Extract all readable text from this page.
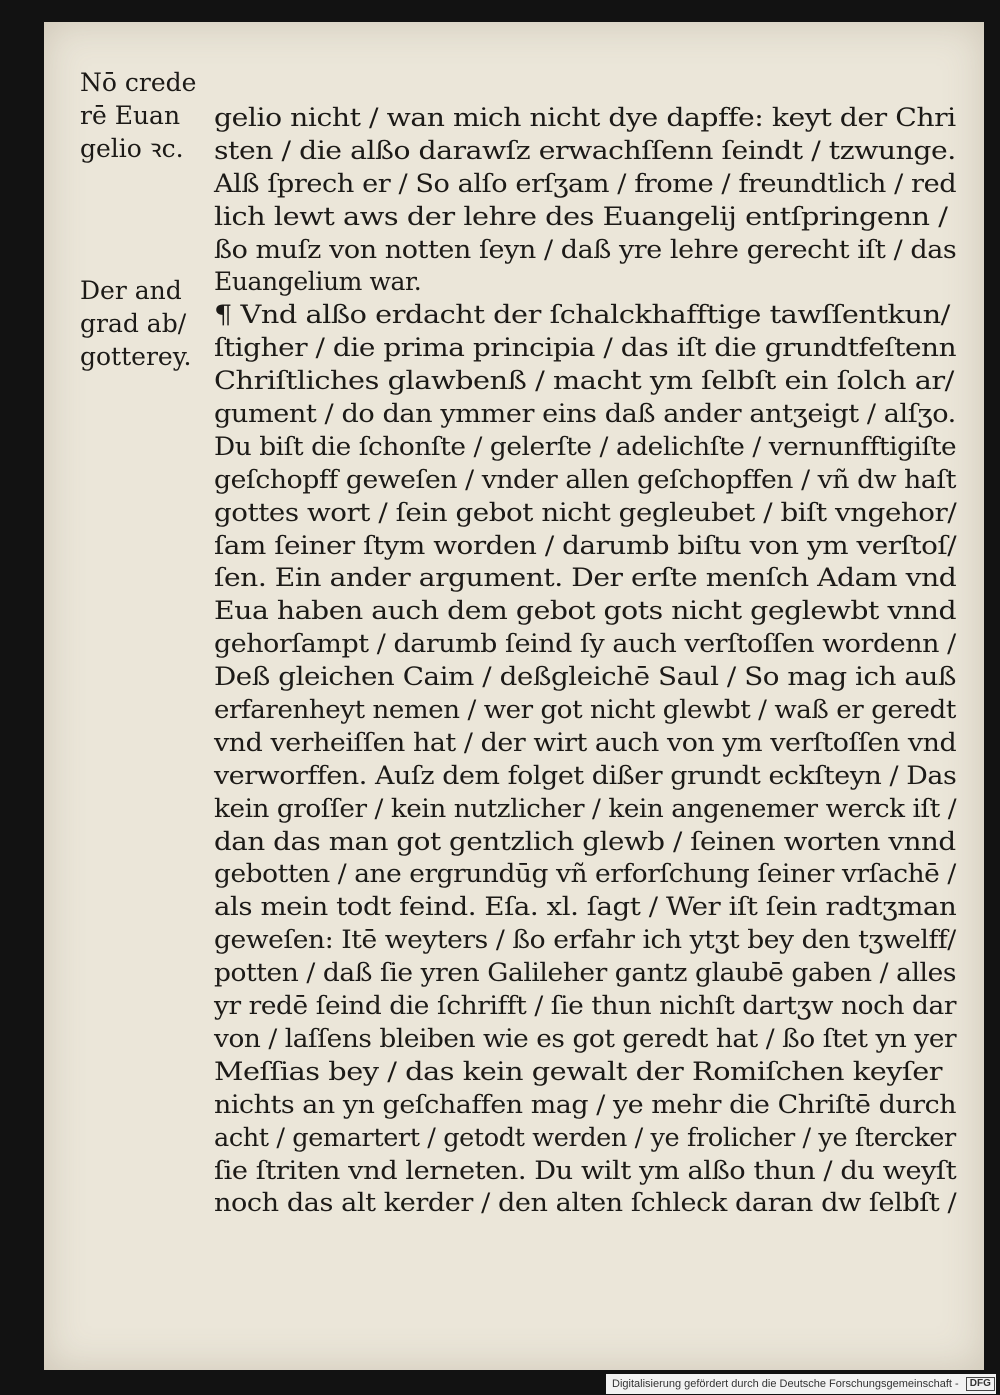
Nō crede
rē Euan
gelio ꝛc.
Der and
grad ab/
gotterey.
gelio nicht / wan mich nicht dye dapffe: keyt der Chri
sten / die alßo darawſz erwachſſenn ſeindt / tzwunge.
Alß ſprech er / So alſo erſʒam / frome / freundtlich / red
lich lewt aws der lehre des Euangelij entſpringenn /
ßo muſz von notten ſeyn / daß yre lehre gerecht iſt / das
Euangelium war.
¶ Vnd alßo erdacht der ſchalckhafftige tawſſentkun/
ſtigher / die prima principia / das iſt die grundtfeſtenn
Chriſtliches glawbenß / macht ym ſelbſt ein ſolch ar/
gument / do dan ymmer eins daß ander antʒeigt / alſʒo.
Du biſt die ſchonſte / gelerſte / adelichſte / vernunfftigiſte
geſchopff geweſen / vnder allen geſchopffen / vñ dw haſt
gottes wort / ſein gebot nicht gegleubet / biſt vngehor/
ſam ſeiner ſtym worden / darumb biſtu von ym verſtoſ/
ſen. Ein ander argument. Der erſte menſch Adam vnd
Eua haben auch dem gebot gots nicht geglewbt vnnd
gehorſampt / darumb ſeind ſy auch verſtoſſen wordenn /
Deß gleichen Caim / deßgleichē Saul / So mag ich auß
erfarenheyt nemen / wer got nicht glewbt / waß er geredt
vnd verheiſſen hat / der wirt auch von ym verſtoſſen vnd
verworffen. Auſz dem folget dißer grundt eckſteyn / Das
kein groſſer / kein nutzlicher / kein angenemer werck iſt /
dan das man got gentzlich glewb / ſeinen worten vnnd
gebotten / ane ergrundūg vñ erforſchung ſeiner vrſachē /
als mein todt feind. Eſa. xl. ſagt / Wer iſt ſein radtʒman
geweſen: Itē weyters / ßo erfahr ich ytʒt bey den tʒwelff/
potten / daß ſie yren Galileher gantz glaubē gaben / alles
yr redē ſeind die ſchrifft / ſie thun nichſt dartʒw noch dar
von / laſſens bleiben wie es got geredt hat / ßo ſtet yn yer
Meſſias bey / das kein gewalt der Romiſchen keyſer
nichts an yn geſchaffen mag / ye mehr die Chriſtē durch
acht / gemartert / getodt werden / ye frolicher / ye ſtercker
ſie ſtriten vnd lerneten. Du wilt ym alßo thun / du weyſt
noch das alt kerder / den alten ſchleck daran dw ſelbſt /
Digitalisierung gefördert durch die Deutsche Forschungsgemeinschaft - DFG
